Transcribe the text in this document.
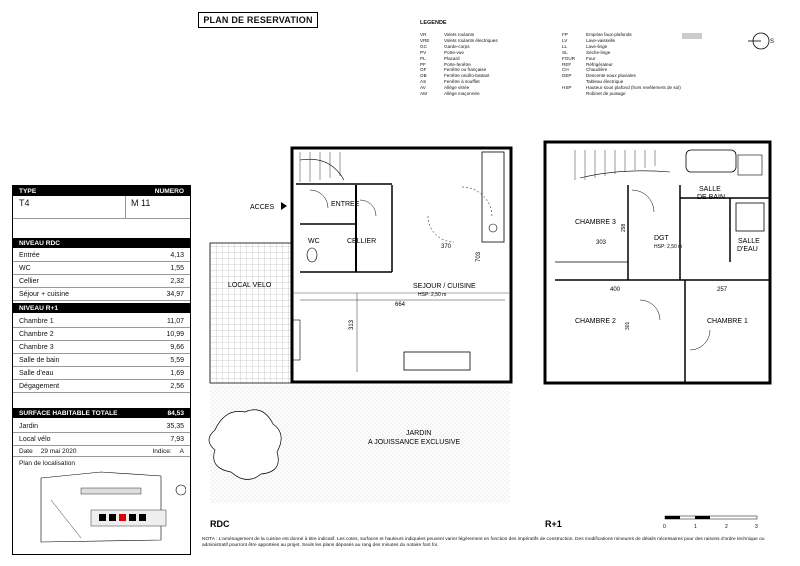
PLAN DE RESERVATION	LEGENDE
VR	Volets roulants
VRE	Volets roulants électriques
GC	Garde-corps
PV	Porte-vue
PL	Placard
PF	Porte-fenêtre
OF	Fenêtre ou française
OB	Fenêtre oscillo-battant
AS	Fenêtre à soufflet
AV	Allège vitrée
AM	Allège maçonnée
FP	Emprise faux-plafonds
LV	Lave-vaisselle
LL	Lave-linge
SL	Sèche-linge
FOUR	Four
REF	Réfrigérateur
CH	Chaudière
DEP	Descente eaux pluviales
Tableau électrique
HSP	Hauteur sous plafond (hors revêtement de sol)
Robinet de puisage
S
TYPE	NUMERO
T4	M 11
NIVEAU RDC
Entrée	4,13
WC	1,55
Cellier	2,32
Séjour + cuisine	34,97
NIVEAU R+1
Chambre 1	11,07
Chambre 2	10,99
Chambre 3	9,66
Salle de bain	5,59
Salle d'eau	1,69
Dégagement	2,56
SURFACE HABITABLE TOTALE	84,53
Jardin	35,35
Local vélo	7,93
Date 29 mai 2020	Indice: A
Plan de localisation
ACCES	ENTREE
WC	CELLIER
SEJOUR / CUISINE
HSP: 2,50 m
LOCAL VELO
JARDIN
A JOUISSANCE EXCLUSIVE
370
664
313
703
CHAMBRE 3
CHAMBRE 2	CHAMBRE 1
DGT
HSP: 2,50 m
SALLE
DE BAIN
SALLE
D'EAU
303
400	257
298
301
RDC	R+1	0	1	2	3
NOTA : L'aménagement de la cuisine est donné à titre indicatif. Les cotes, surfaces et hauteurs indiquées peuvent varier légèrement en fonction des impératifs de construction. Des modifications mineures de détails nécessaires pour des raisons d'ordre technique ou administratif pourront être apportées au projet. Seuls les plans déposés au rang des minutes du notaire font foi.
